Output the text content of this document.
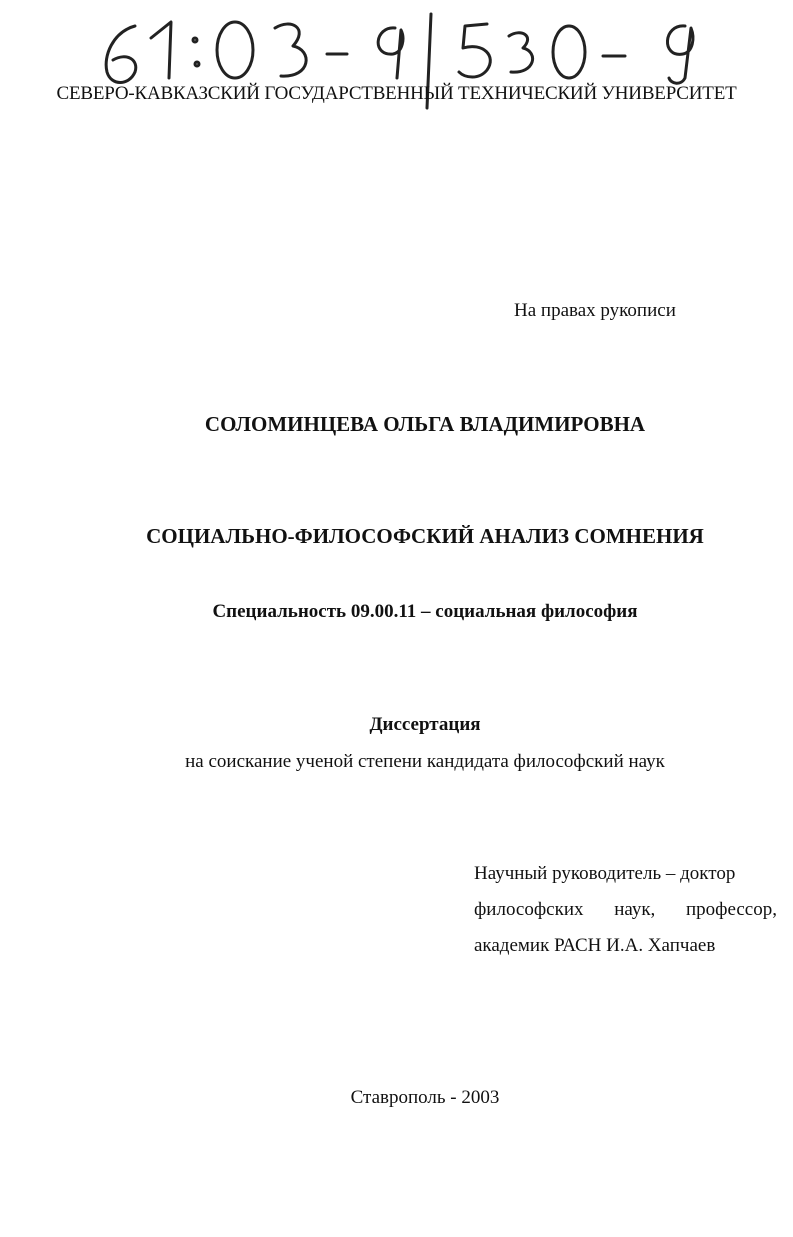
СЕВЕРО-КАВКАЗСКИЙ ГОСУДАРСТВЕННЫЙ ТЕХНИЧЕСКИЙ УНИВЕРСИТЕТ
На правах рукописи
СОЛОМИНЦЕВА ОЛЬГА ВЛАДИМИРОВНА
СОЦИАЛЬНО-ФИЛОСОФСКИЙ АНАЛИЗ СОМНЕНИЯ
Специальность 09.00.11 – социальная философия
Диссертация
на соискание ученой степени кандидата философский наук
Научный руководитель – доктор
философских наук, профессор,
академик РАСН И.А. Хапчаев
Ставрополь - 2003
